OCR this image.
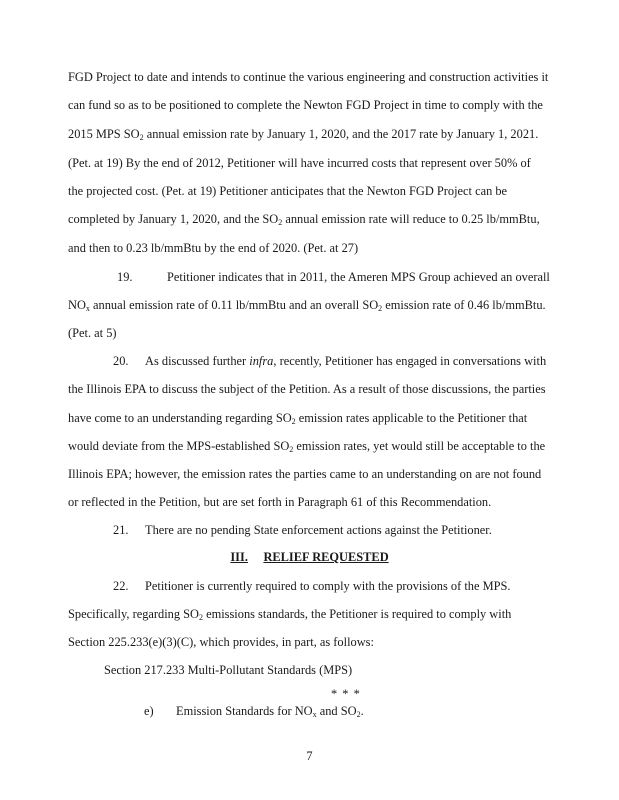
FGD Project to date and intends to continue the various engineering and construction activities it
can fund so as to be positioned to complete the Newton FGD Project in time to comply with the
2015 MPS $SO_2$ annual emission rate by January 1, 2020, and the 2017 rate by January 1, 2021.
(Pet. at 19) By the end of 2012, Petitioner will have incurred costs that represent over 50% of
the projected cost. (Pet. at 19) Petitioner anticipates that the Newton FGD Project can be
completed by January 1, 2020, and the $SO_2$ annual emission rate will reduce to 0.25 lb/mmBtu,
and then to 0.23 lb/mmBtu by the end of 2020. (Pet. at 27)
19.	Petitioner indicates that in 2011, the Ameren MPS Group achieved an overall
$NO_x$ annual emission rate of 0.11 lb/mmBtu and an overall $SO_2$ emission rate of 0.46 lb/mmBtu.
(Pet. at 5)
20. As discussed further infra, recently, Petitioner has engaged in conversations with
the Illinois EPA to discuss the subject of the Petition. As a result of those discussions, the parties
have come to an understanding regarding $SO_2$ emission rates applicable to the Petitioner that
would deviate from the MPS-established $SO_2$ emission rates, yet would still be acceptable to the
Illinois EPA; however, the emission rates the parties came to an understanding on are not found
or reflected in the Petition, but are set forth in Paragraph 61 of this Recommendation.
21. There are no pending State enforcement actions against the Petitioner.
III. RELIEF REQUESTED
22. Petitioner is currently required to comply with the provisions of the MPS.
Specifically, regarding $SO_2$ emissions standards, the Petitioner is required to comply with
Section 225.233(e)(3)(C), which provides, in part, as follows:
Section 217.233 Multi-Pollutant Standards (MPS)
* * *
e) Emission Standards for $NO_x$ and $SO_2$.
7
